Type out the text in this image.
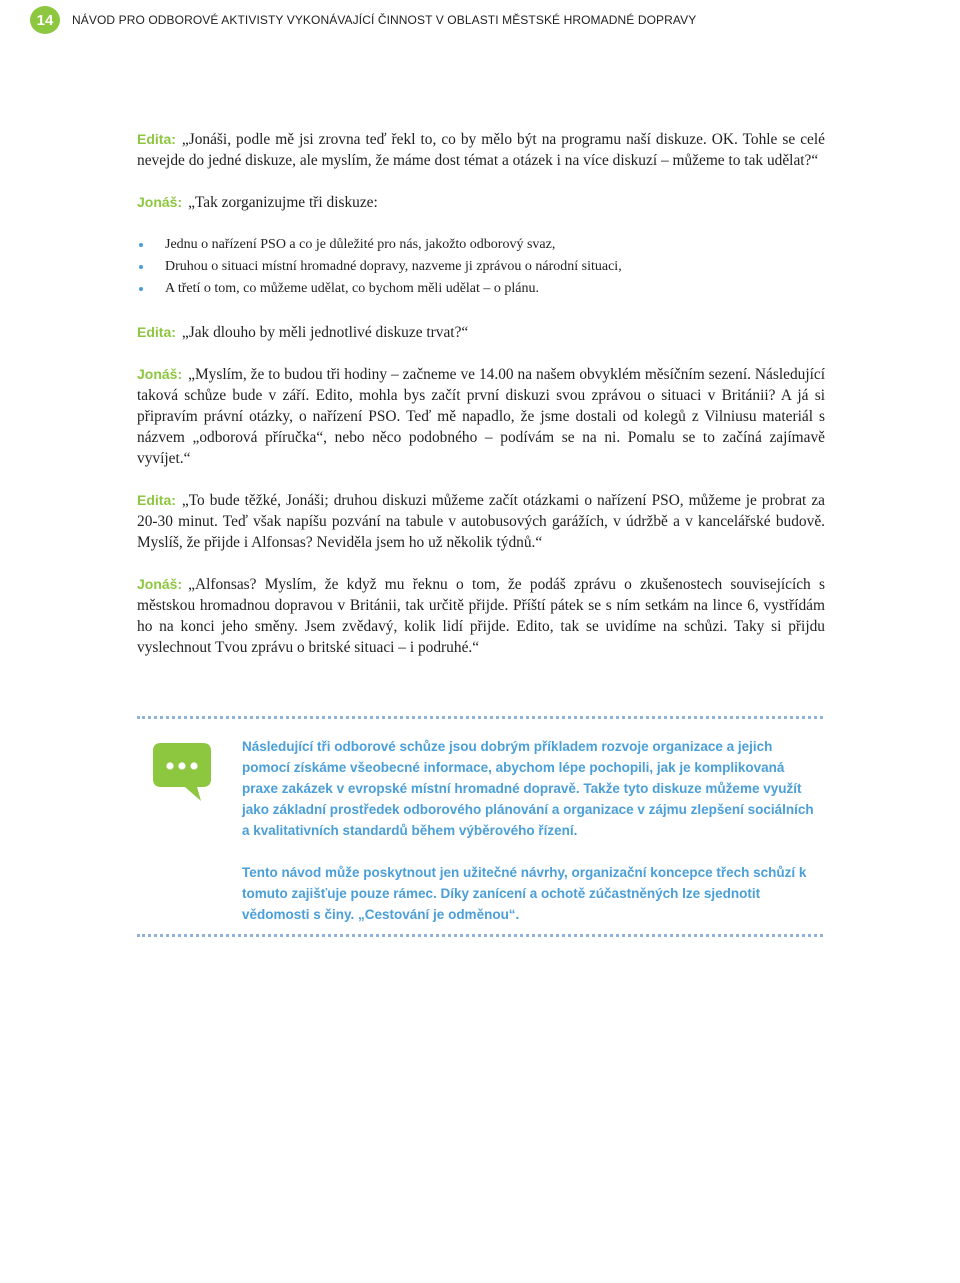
14	NÁVOD PRO ODBOROVÉ AKTIVISTY VYKONÁVAJÍCÍ ČINNOST V OBLASTI MĚSTSKÉ HROMADNÉ DOPRAVY

Edita: „Jonáši, podle mě jsi zrovna teď řekl to, co by mělo být na programu naší diskuze. OK. Tohle se celé nevejde do jedné diskuze, ale myslím, že máme dost témat a otázek i na více diskuzí – můžeme to tak udělat?“

Jonáš: „Tak zorganizujme tři diskuze:

Jednu o nařízení PSO a co je důležité pro nás, jakožto odborový svaz,
Druhou o situaci místní hromadné dopravy, nazveme ji zprávou o národní situaci,
A třetí o tom, co můžeme udělat, co bychom měli udělat – o plánu.

Edita: „Jak dlouho by měli jednotlivé diskuze trvat?“

Jonáš: „Myslím, že to budou tři hodiny – začneme ve 14.00 na našem obvyklém měsíčním sezení. Následující taková schůze bude v září. Edito, mohla bys začít první diskuzi svou zprávou o situaci v Británii? A já si připravím právní otázky, o nařízení PSO. Teď mě napadlo, že jsme dostali od kolegů z Vilniusu materiál s názvem „odborová příručka“, nebo něco podobného – podívám se na ni. Pomalu se to začíná zajímavě vyvíjet.“

Edita: „To bude těžké, Jonáši; druhou diskuzi můžeme začít otázkami o nařízení PSO, můžeme je probrat za 20-30 minut. Teď však napíšu pozvání na tabule v autobusových garážích, v údržbě a v kancelářské budově. Myslíš, že přijde i Alfonsas? Neviděla jsem ho už několik týdnů.“

Jonáš: „Alfonsas? Myslím, že když mu řeknu o tom, že podáš zprávu o zkušenostech souvisejících s městskou hromadnou dopravou v Británii, tak určitě přijde. Příští pátek se s ním setkám na lince 6, vystřídám ho na konci jeho směny. Jsem zvědavý, kolik lidí přijde. Edito, tak se uvidíme na schůzi. Taky si přijdu vyslechnout Tvou zprávu o britské situaci – i podruhé.“

Následující tři odborové schůze jsou dobrým příkladem rozvoje organizace a jejich pomocí získáme všeobecné informace, abychom lépe pochopili, jak je komplikovaná praxe zakázek v evropské místní hromadné dopravě. Takže tyto diskuze můžeme využít jako základní prostředek odborového plánování a organizace v zájmu zlepšení sociálních a kvalitativních standardů během výběrového řízení.

Tento návod může poskytnout jen užitečné návrhy, organizační koncepce třech schůzí k tomuto zajišťuje pouze rámec. Díky zanícení a ochotě zúčastněných lze sjednotit vědomosti s činy. „Cestování je odměnou“.
